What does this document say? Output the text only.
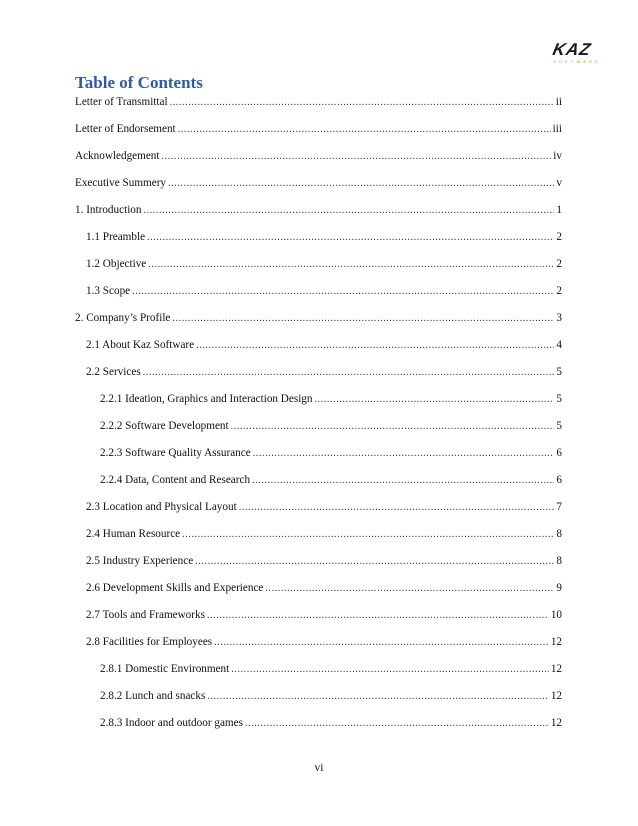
KAZ
SOFTWARE
Table of Contents
Letter of Transmittal .....	ii
Letter of Endorsement .....	iii
Acknowledgement .....	iv
Executive Summery .....	v
1. Introduction .....	1
1.1 Preamble .....	2
1.2 Objective .....	2
1.3 Scope .....	2
2. Company’s Profile .....	3
2.1 About Kaz Software .....	4
2.2 Services .....	5
2.2.1 Ideation, Graphics and Interaction Design .....	5
2.2.2 Software Development .....	5
2.2.3 Software Quality Assurance .....	6
2.2.4 Data, Content and Research .....	6
2.3 Location and Physical Layout .....	7
2.4 Human Resource .....	8
2.5 Industry Experience .....	8
2.6 Development Skills and Experience .....	9
2.7 Tools and Frameworks .....	10
2.8 Facilities for Employees .....	12
2.8.1 Domestic Environment .....	12
2.8.2 Lunch and snacks .....	12
2.8.3 Indoor and outdoor games .....	12
vi
